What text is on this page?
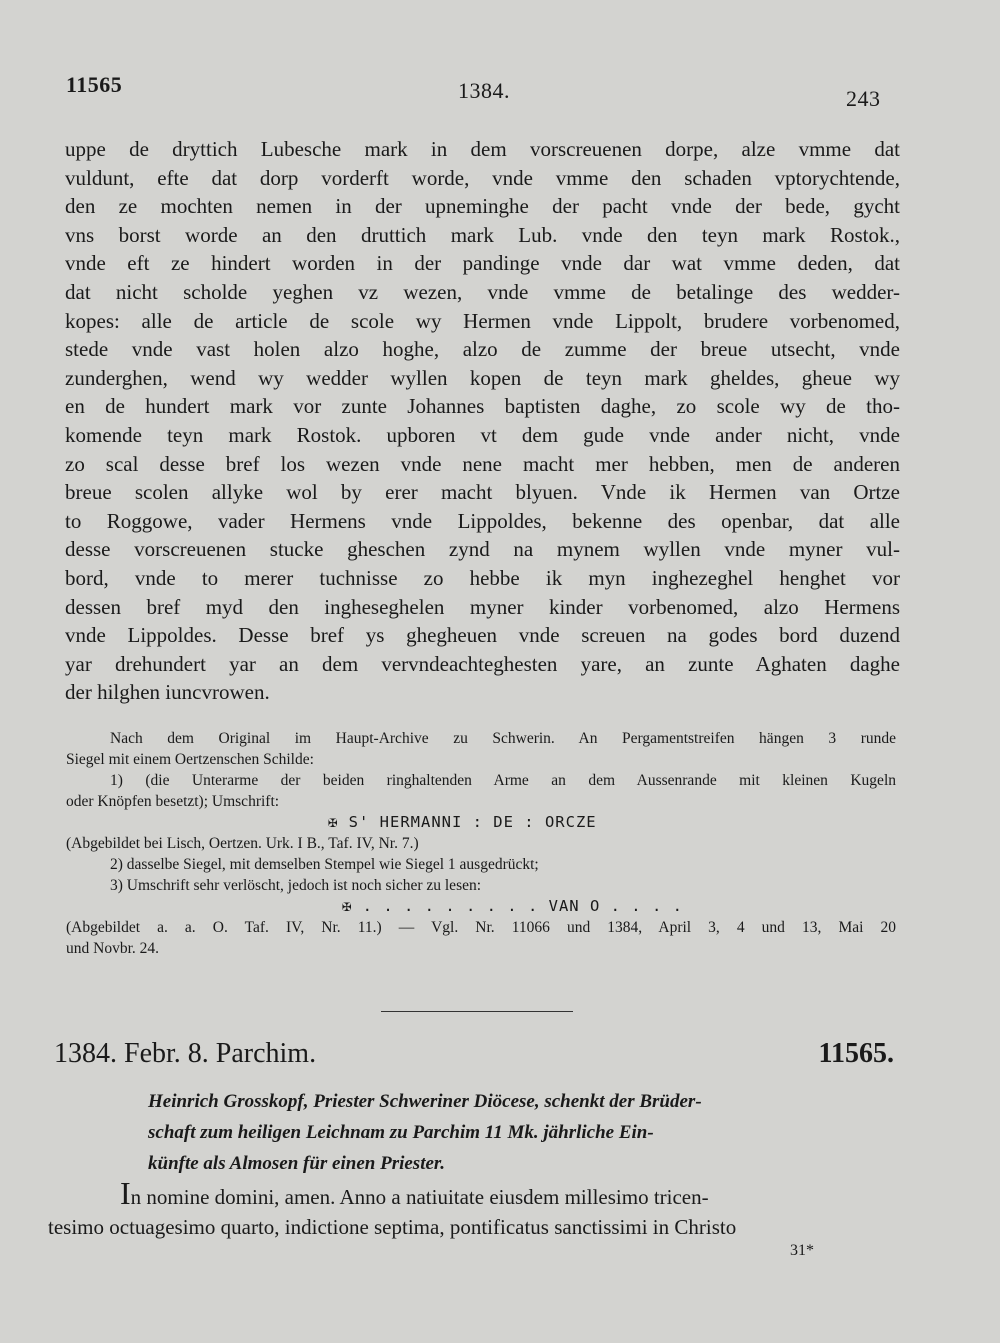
11565	1384.	243
uppe de dryttich Lubesche mark in dem vorscreuenen dorpe, alze vmme dat
vuldunt, efte dat dorp vorderft worde, vnde vmme den schaden vptorychtende,
den ze mochten nemen in der upneminghe der pacht vnde der bede, gycht
vns borst worde an den druttich mark Lub. vnde den teyn mark Rostok.,
vnde eft ze hindert worden in der pandinge vnde dar wat vmme deden, dat
dat nicht scholde yeghen vz wezen, vnde vmme de betalinge des wedder-
kopes: alle de article de scole wy Hermen vnde Lippolt, brudere vorbenomed,
stede vnde vast holen alzo hoghe, alzo de zumme der breue utsecht, vnde
zunderghen, wend wy wedder wyllen kopen de teyn mark gheldes, gheue wy
en de hundert mark vor zunte Johannes baptisten daghe, zo scole wy de tho-
komende teyn mark Rostok. upboren vt dem gude vnde ander nicht, vnde
zo scal desse bref los wezen vnde nene macht mer hebben, men de anderen
breue scolen allyke wol by erer macht blyuen. Vnde ik Hermen van Ortze
to Roggowe, vader Hermens vnde Lippoldes, bekenne des openbar, dat alle
desse vorscreuenen stucke gheschen zynd na mynem wyllen vnde myner vul-
bord, vnde to merer tuchnisse zo hebbe ik myn inghezeghel henghet vor
dessen bref myd den ingheseghelen myner kinder vorbenomed, alzo Hermens
vnde Lippoldes. Desse bref ys ghegheuen vnde screuen na godes bord duzend
yar drehundert yar an dem vervndeachteghesten yare, an zunte Aghaten daghe
der hilghen iuncvrowen.
Nach dem Original im Haupt-Archive zu Schwerin. An Pergamentstreifen hängen 3 runde
Siegel mit einem Oertzenschen Schilde:
1) (die Unterarme der beiden ringhaltenden Arme an dem Aussenrande mit kleinen Kugeln
oder Knöpfen besetzt); Umschrift:
✠ S' HERMANNI : DE : ORCZE
(Abgebildet bei Lisch, Oertzen. Urk. I B., Taf. IV, Nr. 7.)
2) dasselbe Siegel, mit demselben Stempel wie Siegel 1 ausgedrückt;
3) Umschrift sehr verlöscht, jedoch ist noch sicher zu lesen:
✠ . . . . . . . . . VAN O . . . .
(Abgebildet a. a. O. Taf. IV, Nr. 11.) — Vgl. Nr. 11066 und 1384, April 3, 4 und 13, Mai 20
und Novbr. 24.
1384. Febr. 8. Parchim.	11565.
Heinrich Grosskopf, Priester Schweriner Diöcese, schenkt der Brüder-
schaft zum heiligen Leichnam zu Parchim 11 Mk. jährliche Ein-
künfte als Almosen für einen Priester.
In nomine domini, amen. Anno a natiuitate eiusdem millesimo tricen-
tesimo octuagesimo quarto, indictione septima, pontificatus sanctissimi in Christo
31*
